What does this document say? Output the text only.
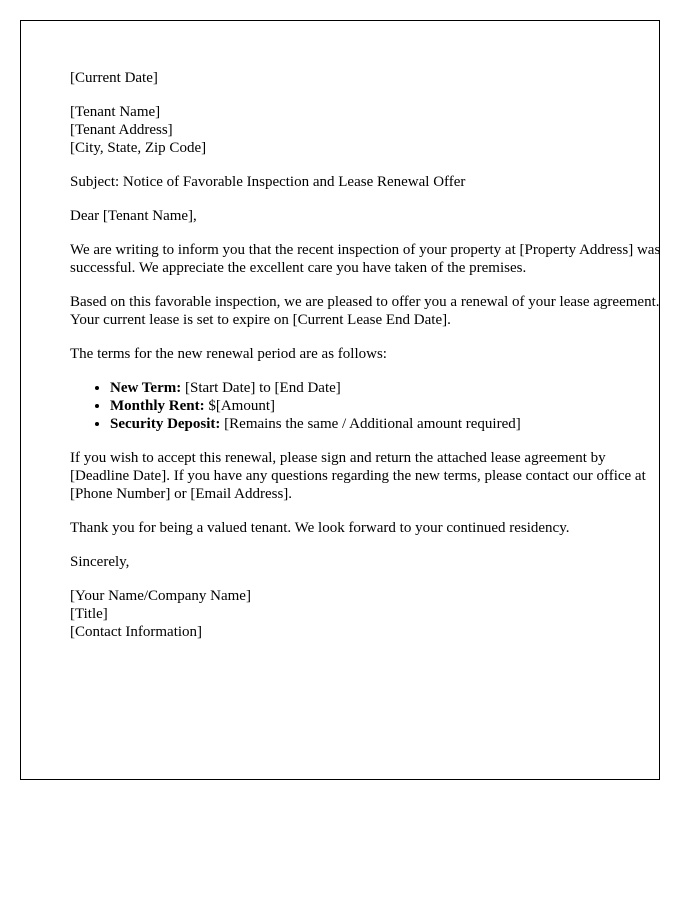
[Current Date]

[Tenant Name]
[Tenant Address]
[City, State, Zip Code]

Subject: Notice of Favorable Inspection and Lease Renewal Offer

Dear [Tenant Name],

We are writing to inform you that the recent inspection of your property at [Property Address] was successful. We appreciate the excellent care you have taken of the premises.

Based on this favorable inspection, we are pleased to offer you a renewal of your lease agreement. Your current lease is set to expire on [Current Lease End Date].

The terms for the new renewal period are as follows:

• New Term: [Start Date] to [End Date]
• Monthly Rent: $[Amount]
• Security Deposit: [Remains the same / Additional amount required]

If you wish to accept this renewal, please sign and return the attached lease agreement by [Deadline Date]. If you have any questions regarding the new terms, please contact our office at [Phone Number] or [Email Address].

Thank you for being a valued tenant. We look forward to your continued residency.

Sincerely,

[Your Name/Company Name]
[Title]
[Contact Information]
